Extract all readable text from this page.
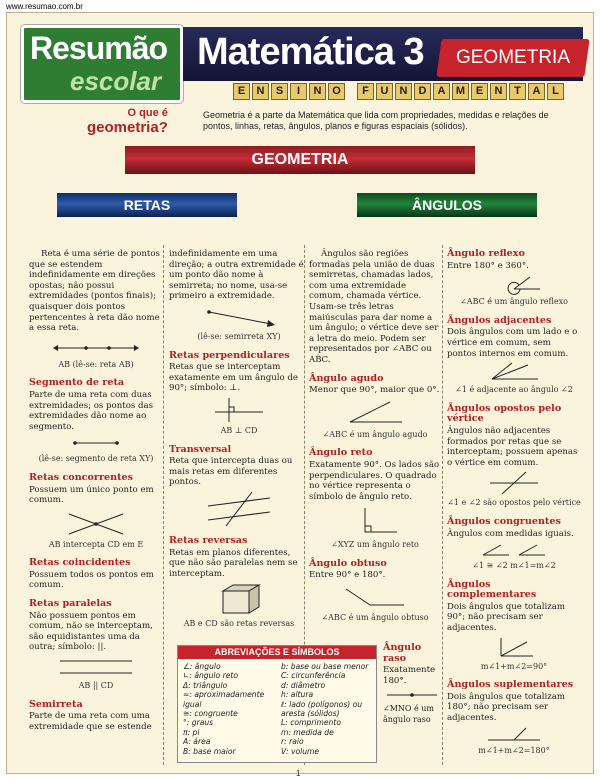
www.resumao.com.br
Resumão
escolar
Matemática 3	GEOMETRIA
E	N	S	I	N O	F	U	N	D	A M E	N	T	A	L
O que é
geometria?
Geometria é a parte da Matemática que lida com propriedades, medidas e relações de pontos, linhas, retas, ângulos, planos e figuras espaciais (sólidos).
GEOMETRIA
RETAS	ÂNGULOS

Reta é uma série de pontos que se estendem indefinidamente em direções opostas; não possui extremidades (pontos finais); quaisquer dois pontos pertencentes à reta dão nome a essa reta.

AB (lê-se: reta AB)
Segmento de reta

Parte de uma reta com duas extremidades; os pontos das extremidades dão nome ao segmento.

(lê-se: segmento de reta XY)
Retas concorrentes

Possuem um único ponto em comum.

AB intercepta CD em E
Retas coincidentes

Possuem todos os pontos em comum.

Retas paralelas

Não possuem pontos em comum, não se interceptam, são equidistantes uma da outra; símbolo: ||.

AB || CD
Semirreta

Parte de uma reta com uma extremidade que se estende

indefinidamente em uma direção; a outra extremidade é um ponto dão nome à semirreta; no nome, usa-se primeiro a extremidade.

(lê-se: semirreta XY)
Retas perpendiculares

Retas que se interceptam exatamente em um ângulo de 90°; símbolo: ⊥.

AB ⊥ CD
Transversal

Reta que intercepta duas ou mais retas em diferentes pontos.

Retas reversas

Retas em planos diferentes, que não são paralelas nem se interceptam.

AB e CD são retas reversas

Ângulos são regiões formadas pela união de duas semirretas, chamadas lados, com uma extremidade comum, chamada vértice. Usam-se três letras maiúsculas para dar nome a um ângulo; o vértice deve ser a letra do meio. Podem ser representados por ∠ABC ou AB̂C.

Ângulo agudo

Menor que 90°, maior que 0°.

∠ABC é um ângulo agudo
Ângulo reto

Exatamente 90°. Os lados são perpendiculares. O quadrado no vértice representa o símbolo de ângulo reto.

∠XYZ um ângulo reto
Ângulo obtuso

Entre 90° e 180°.

∠ABC é um ângulo obtuso
Ângulo raso

Exatamente 180°.

∠MNO é um ângulo raso

Ângulo reflexo

Entre 180° e 360°.

∠ABC é um ângulo reflexo
Ângulos adjacentes

Dois ângulos com um lado e o vértice em comum, sem pontos internos em comum.

∠1 é adjacente ao ângulo ∠2
Ângulos opostos pelo vértice

Ângulos não adjacentes formados por retas que se interceptam; possuem apenas o vértice em comum.

∠1 e ∠2 são opostos pelo vértice
Ângulos congruentes

Ângulos com medidas iguais.

∠1 ≅ ∠2 m∠1=m∠2
Ângulos complementares

Dois ângulos que totalizam 90°; não precisam ser adjacentes.

m∠1+m∠2=90°
Ângulos suplementares

Dois ângulos que totalizam 180°; não precisam ser adjacentes.

m∠1+m∠2=180°
ABREVIAÇÕES E SÍMBOLOS
∠: ângulo
∟: ângulo reto
Δ: triângulo
≈: aproximadamente igual
≅: congruente
°: graus
π: pi
A: área
B: base maior
b: base ou base menor
C: circunferência
d: diâmetro
h: altura
ℓ: lado (polígonos) ou aresta (sólidos)
L: comprimento
m: medida de
r: raio
V: volume
1
